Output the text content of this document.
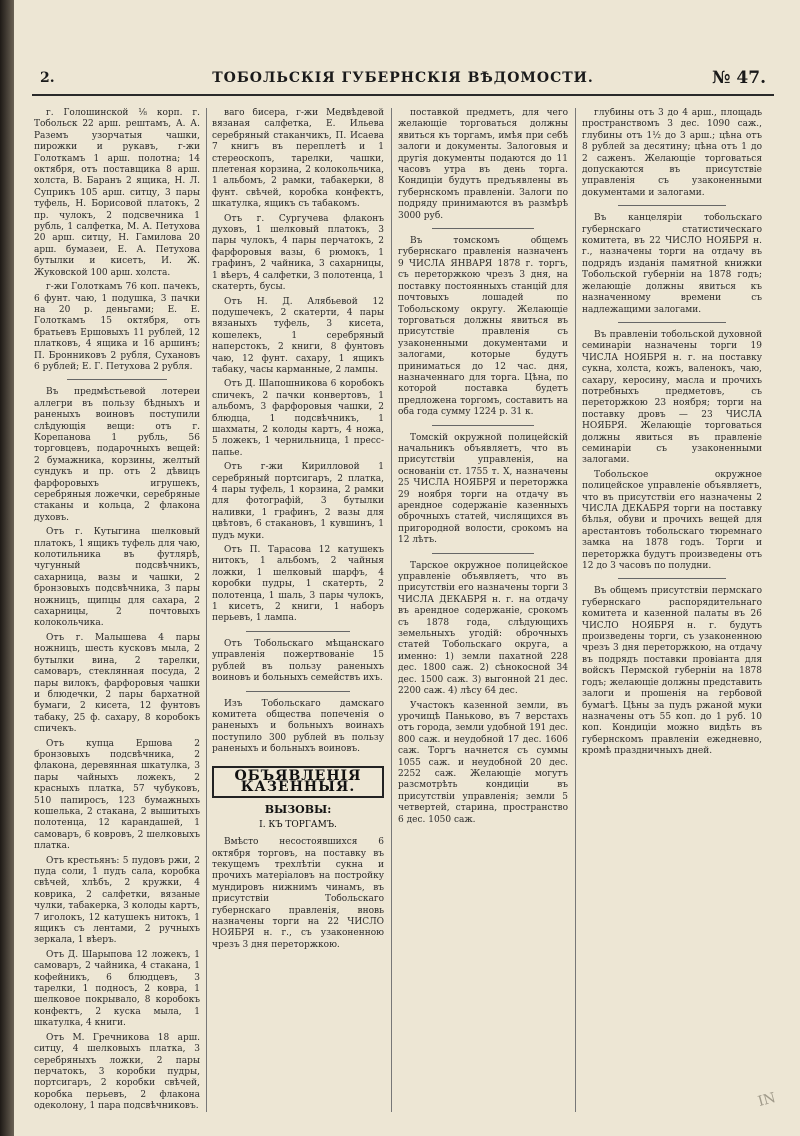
2.	ТОБОЛЬСКІЯ ГУБЕРНСКІЯ ВѢДОМОСТИ.	№ 47.

г. Голошинской ⅛ корп. г. Тобольск 22 арш. рештамъ, А. А. Раземъ узорчатыя чашки, пирожки и рукавъ, г-жи Голоткамъ 1 арш. полотна; 14 октября, отъ поставщика 8 арш. холста, В. Баранъ 2 ящика, Н. Л. Суприкъ 105 арш. ситцу, 3 пары туфель, Н. Борисовой платокъ, 2 пр. чулокъ, 2 подсвечника 1 рубль, 1 салфетка, М. А. Петухова 20 арш. ситцу, Н. Гамилова 20 арш. бумазеи, Е. А. Петухова бутылки и кисетъ, И. Ж. Жуковской 100 арш. холста.

г-жи Голоткамъ 76 коп. пачекъ, 6 фунт. чаю, 1 подушка, 3 пачки на 20 р. деньгами; Е. Е. Голоткамъ 15 октября, отъ братьевъ Ершовыхъ 11 рублей, 12 платковъ, 4 ящика и 16 аршинъ; П. Бронниковъ 2 рубля, Сухановъ 6 рублей; Е. Г. Петухова 2 рубля.

Въ предмѣстьевой лотереи аллегри въ пользу бѣдныхъ и раненыхъ воиновъ поступили слѣдующія вещи: отъ г. Корепанова 1 рубль, 56 торговцевъ, подарочныхъ вещей: 2 бумажника, корзины, желтый сундукъ и пр. отъ 2 дѣвицъ фарфоровыхъ игрушекъ, серебряныя ложечки, серебряные стаканы и кольца, 2 флакона духовъ.

Отъ г. Кутыгина шелковый платокъ, 1 ящикъ туфель для чаю, колотильника въ футлярѣ, чугунный подсвѣчникъ, сахарница, вазы и чашки, 2 бронзовыхъ подсвѣчника, 3 пары ножницъ, щипцы для сахара, 2 сахарницы, 2 почтовыхъ колокольчика.

Отъ г. Малышева 4 пары ножницъ, шесть кусковъ мыла, 2 бутылки вина, 2 тарелки, самоваръ, стеклянная посуда, 2 пары вилокъ, фарфоровыя чашки и блюдечки, 2 пары бархатной бумаги, 2 кисета, 12 фунтовъ табаку, 25 ф. сахару, 8 коробокъ спичекъ.

Отъ купца Ершова 2 бронзовыхъ подсвѣчника, 2 флакона, деревянная шкатулка, 3 пары чайныхъ ложекъ, 2 красныхъ платка, 57 чубуковъ, 510 папиросъ, 123 бумажныхъ кошелька, 2 стакана, 2 вышитыхъ полотенца, 12 карандашей, 1 самоваръ, 6 ковровъ, 2 шелковыхъ платка.

Отъ крестьянъ: 5 пудовъ ржи, 2 пуда соли, 1 пудъ сала, коробка свѣчей, хлѣбъ, 2 кружки, 4 коврика, 2 салфетки, вязаные чулки, табакерка, 3 колоды картъ, 7 иголокъ, 12 катушекъ нитокъ, 1 ящикъ съ лентами, 2 ручныхъ зеркала, 1 вѣеръ.

Отъ Д. Шарыпова 12 ложекъ, 1 самоваръ, 2 чайника, 4 стакана, 1 кофейникъ, 6 блюдцевъ, 3 тарелки, 1 подносъ, 2 ковра, 1 шелковое покрывало, 8 коробокъ конфектъ, 2 куска мыла, 1 шкатулка, 4 книги.

Отъ М. Гречникова 18 арш. ситцу, 4 шелковыхъ платка, 3 серебряныхъ ложки, 2 пары перчатокъ, 3 коробки пудры, портсигаръ, 2 коробки свѣчей, коробка перьевъ, 2 флакона одеколону, 1 пара подсвѣчниковъ.

ваго бисера, г-жи Медвѣдевой вязаная салфетка, Е. Ильева серебряный стаканчикъ, П. Исаева 7 книгъ въ переплетѣ и 1 стереоскопъ, тарелки, чашки, плетеная корзина, 2 колокольчика, 1 альбомъ, 2 рамки, табакерки, 8 фунт. свѣчей, коробка конфектъ, шкатулка, ящикъ съ табакомъ.

Отъ г. Сургучева флаконъ духовъ, 1 шелковый платокъ, 3 пары чулокъ, 4 пары перчатокъ, 2 фарфоровыя вазы, 6 рюмокъ, 1 графинъ, 2 чайника, 3 сахарницы, 1 вѣеръ, 4 салфетки, 3 полотенца, 1 скатерть, бусы.

Отъ Н. Д. Алябьевой 12 подушечекъ, 2 скатерти, 4 пары вязаныхъ туфель, 3 кисета, кошелекъ, 1 серебряный наперстокъ, 2 книги, 8 фунтовъ чаю, 12 фунт. сахару, 1 ящикъ табаку, часы карманные, 2 лампы.

Отъ Д. Шапошникова 6 коробокъ спичекъ, 2 пачки конвертовъ, 1 альбомъ, 3 фарфоровыя чашки, 2 блюдца, 1 подсвѣчникъ, 1 шахматы, 2 колоды картъ, 4 ножа, 5 ложекъ, 1 чернильница, 1 пресс-папье.

Отъ г-жи Кирилловой 1 серебряный портсигаръ, 2 платка, 4 пары туфель, 1 корзина, 2 рамки для фотографій, 3 бутылки наливки, 1 графинъ, 2 вазы для цвѣтовъ, 6 стакановъ, 1 кувшинъ, 1 пудъ муки.

Отъ П. Тарасова 12 катушекъ нитокъ, 1 альбомъ, 2 чайныя ложки, 1 шелковый шарфъ, 4 коробки пудры, 1 скатерть, 2 полотенца, 1 шаль, 3 пары чулокъ, 1 кисетъ, 2 книги, 1 наборъ перьевъ, 1 лампа.

Отъ Тобольскаго мѣщанскаго управленія пожертвованіе 15 рублей въ пользу раненыхъ воиновъ и больныхъ семействъ ихъ.

Изъ Тобольскаго дамскаго комитета общества попеченія о раненыхъ и больныхъ воинахъ поступило 300 рублей въ пользу раненыхъ и больныхъ воиновъ.

ОБЪЯВЛЕНІЯ КАЗЕННЫЯ.
ВЫЗОВЫ:
I. КЪ ТОРГАМЪ.

Вмѣсто несостоявшихся 6 октября торговъ, на поставку въ текущемъ трехлѣтіи сукна и прочихъ матеріаловъ на постройку мундировъ нижнимъ чинамъ, въ присутствіи Тобольскаго губернскаго правленія, вновь назначены торги на 22 ЧИСЛО НОЯБРЯ н. г., съ узаконенною чрезъ 3 дня переторжкою.

поставкой предметъ, для чего желающіе торговаться должны явиться къ торгамъ, имѣя при себѣ залоги и документы. Залоговыя и другія документы подаются до 11 часовъ утра въ день торга. Кондиціи будутъ предъявлены въ губернскомъ правленіи. Залоги по подряду принимаются въ размѣрѣ 3000 руб.

Въ томскомъ общемъ губернскаго правленія назначенъ 9 ЧИСЛА ЯНВАРЯ 1878 г. торгъ, съ переторжкою чрезъ 3 дня, на поставку постоянныхъ станцій для почтовыхъ лошадей по Тобольскому округу. Желающіе торговаться должны явиться въ присутствіе правленія съ узаконенными документами и залогами, которые будутъ приниматься до 12 час. дня, назначеннаго для торга. Цѣна, по которой поставка будетъ предложена торгомъ, составитъ на оба года сумму 1224 р. 31 к.

Томскій окружной полицейскій начальникъ объявляетъ, что въ присутствіи управленія, на основаніи ст. 1755 т. X, назначены 25 ЧИСЛА НОЯБРЯ и переторжка 29 ноября торги на отдачу въ арендное содержаніе казенныхъ оброчныхъ статей, числящихся въ пригородной волости, срокомъ на 12 лѣтъ.

Тарское окружное полицейское управленіе объявляетъ, что въ присутствіи его назначены торги 3 ЧИСЛА ДЕКАБРЯ н. г. на отдачу въ арендное содержаніе, срокомъ съ 1878 года, слѣдующихъ земельныхъ угодій: оброчныхъ статей Тобольскаго округа, а именно: 1) земли пахатной 228 дес. 1800 саж. 2) сѣнокосной 34 дес. 1500 саж. 3) выгонной 21 дес. 2200 саж. 4) лѣсу 64 дес.

Участокъ казенной земли, въ урочищѣ Паньково, въ 7 верстахъ отъ города, земли удобной 191 дес. 800 саж. и неудобной 17 дес. 1606 саж. Торгъ начнется съ суммы 1055 саж. и неудобной 20 дес. 2252 саж. Желающіе могутъ разсмотрѣть кондиціи въ присутствіи управленія; земли 5 четвертей, старина, пространство 6 дес. 1050 саж.

глубины отъ 3 до 4 арш., площадь пространствомъ 3 дес. 1090 саж., глубины отъ 1½ до 3 арш.; цѣна отъ 8 рублей за десятину; цѣна отъ 1 до 2 саженъ. Желающіе торговаться допускаются въ присутствіе управленія съ узаконенными документами и залогами.

Въ канцеляріи тобольскаго губернскаго статистическаго комитета, въ 22 ЧИСЛО НОЯБРЯ н. г., назначены торги на отдачу въ подрядъ изданія памятной книжки Тобольской губерніи на 1878 годъ; желающіе должны явиться къ назначенному времени съ надлежащими залогами.

Въ правленіи тобольской духовной семинаріи назначены торги 19 ЧИСЛА НОЯБРЯ н. г. на поставку сукна, холста, кожъ, валенокъ, чаю, сахару, керосину, масла и прочихъ потребныхъ предметовъ, съ переторжкою 23 ноября; торги на поставку дровъ — 23 ЧИСЛА НОЯБРЯ. Желающіе торговаться должны явиться въ правленіе семинаріи съ узаконенными залогами.

Тобольское окружное полицейское управленіе объявляетъ, что въ присутствіи его назначены 2 ЧИСЛА ДЕКАБРЯ торги на поставку бѣлья, обуви и прочихъ вещей для арестантовъ тобольскаго тюремнаго замка на 1878 годъ. Торги и переторжка будутъ произведены отъ 12 до 3 часовъ по полудни.

Въ общемъ присутствіи пермскаго губернскаго распорядительнаго комитета и казенной палаты въ 26 ЧИСЛО НОЯБРЯ н. г. будутъ произведены торги, съ узаконенною чрезъ 3 дня переторжкою, на отдачу въ подрядъ поставки провіанта для войскъ Пермской губерніи на 1878 годъ; желающіе должны представить залоги и прошенія на гербовой бумагѣ. Цѣны за пудъ ржаной муки назначены отъ 55 коп. до 1 руб. 10 коп. Кондиціи можно видѣть въ губернскомъ правленіи ежедневно, кромѣ праздничныхъ дней.

IN
